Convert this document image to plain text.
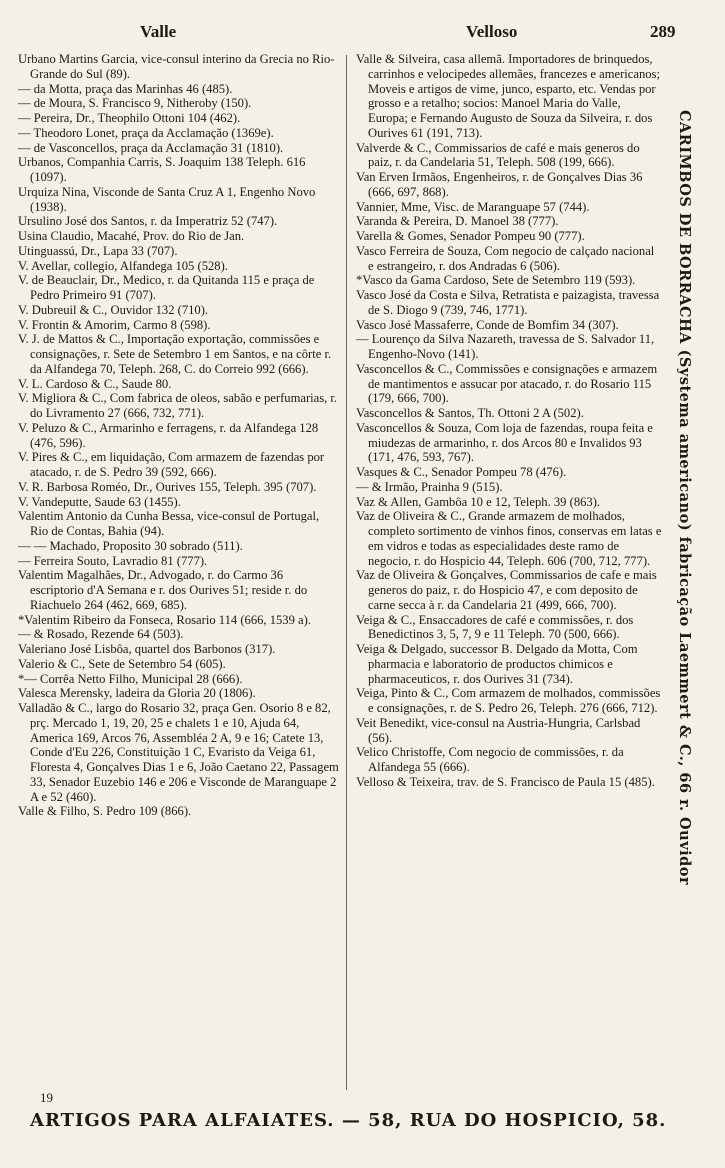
Valle	Velloso	289

Urbano Martins Garcia, vice-consul interino da Grecia no Rio-Grande do Sul (89).

— da Motta, praça das Marinhas 46 (485).

— de Moura, S. Francisco 9, Nitheroby (150).

— Pereira, Dr., Theophilo Ottoni 104 (462).

— Theodoro Lonet, praça da Acclamação (1369e).

— de Vasconcellos, praça da Acclamação 31 (1810).

Urbanos, Companhia Carris, S. Joaquim 138 Teleph. 616 (1097).

Urquiza Nina, Visconde de Santa Cruz A 1, Engenho Novo (1938).

Ursulino José dos Santos, r. da Imperatriz 52 (747).

Usina Claudio, Macahé, Prov. do Rio de Jan.

Utinguassú, Dr., Lapa 33 (707).

V. Avellar, collegio, Alfandega 105 (528).

V. de Beauclair, Dr., Medico, r. da Quitanda 115 e praça de Pedro Primeiro 91 (707).

V. Dubreuil & C., Ouvidor 132 (710).

V. Frontin & Amorim, Carmo 8 (598).

V. J. de Mattos & C., Importação exportação, commissões e consignações, r. Sete de Setembro 1 em Santos, e na côrte r. da Alfandega 70, Teleph. 268, C. do Correio 992 (666).

V. L. Cardoso & C., Saude 80.

V. Migliora & C., Com fabrica de oleos, sabão e perfumarias, r. do Livramento 27 (666, 732, 771).

V. Peluzo & C., Armarinho e ferragens, r. da Alfandega 128 (476, 596).

V. Pires & C., em liquidação, Com armazem de fazendas por atacado, r. de S. Pedro 39 (592, 666).

V. R. Barbosa Roméo, Dr., Ourives 155, Teleph. 395 (707).

V. Vandeputte, Saude 63 (1455).

Valentim Antonio da Cunha Bessa, vice-consul de Portugal, Rio de Contas, Bahia (94).

— — Machado, Proposito 30 sobrado (511).

— Ferreira Souto, Lavradio 81 (777).

Valentim Magalhães, Dr., Advogado, r. do Carmo 36 escriptorio d'A Semana e r. dos Ourives 51; reside r. do Riachuelo 264 (462, 669, 685).

*Valentim Ribeiro da Fonseca, Rosario 114 (666, 1539 a).

— & Rosado, Rezende 64 (503).

Valeriano José Lisbôa, quartel dos Barbonos (317).

Valerio & C., Sete de Setembro 54 (605).

*— Corrêa Netto Filho, Municipal 28 (666).

Valesca Merensky, ladeira da Gloria 20 (1806).

Valladão & C., largo do Rosario 32, praça Gen. Osorio 8 e 82, prç. Mercado 1, 19, 20, 25 e chalets 1 e 10, Ajuda 64, America 169, Arcos 76, Assembléa 2 A, 9 e 16; Catete 13, Conde d'Eu 226, Constituição 1 C, Evaristo da Veiga 61, Floresta 4, Gonçalves Dias 1 e 6, João Caetano 22, Passagem 33, Senador Euzebio 146 e 206 e Visconde de Maranguape 2 A e 52 (460).

Valle & Filho, S. Pedro 109 (866).

Valle & Silveira, casa allemã. Importadores de brinquedos, carrinhos e velocipedes allemães, francezes e americanos; Moveis e artigos de vime, junco, esparto, etc. Vendas por grosso e a retalho; socios: Manoel Maria do Valle, Europa; e Fernando Augusto de Souza da Silveira, r. dos Ourives 61 (191, 713).

Valverde & C., Commissarios de café e mais generos do paiz, r. da Candelaria 51, Teleph. 508 (199, 666).

Van Erven Irmãos, Engenheiros, r. de Gonçalves Dias 36 (666, 697, 868).

Vannier, Mme, Visc. de Maranguape 57 (744).

Varanda & Pereira, D. Manoel 38 (777).

Varella & Gomes, Senador Pompeu 90 (777).

Vasco Ferreira de Souza, Com negocio de calçado nacional e estrangeiro, r. dos Andradas 6 (506).

*Vasco da Gama Cardoso, Sete de Setembro 119 (593).

Vasco José da Costa e Silva, Retratista e paizagista, travessa de S. Diogo 9 (739, 746, 1771).

Vasco José Massaferre, Conde de Bomfim 34 (307).

— Lourenço da Silva Nazareth, travessa de S. Salvador 11, Engenho-Novo (141).

Vasconcellos & C., Commissões e consignações e armazem de mantimentos e assucar por atacado, r. do Rosario 115 (179, 666, 700).

Vasconcellos & Santos, Th. Ottoni 2 A (502).

Vasconcellos & Souza, Com loja de fazendas, roupa feita e miudezas de armarinho, r. dos Arcos 80 e Invalidos 93 (171, 476, 593, 767).

Vasques & C., Senador Pompeu 78 (476).

— & Irmão, Prainha 9 (515).

Vaz & Allen, Gambôa 10 e 12, Teleph. 39 (863).

Vaz de Oliveira & C., Grande armazem de molhados, completo sortimento de vinhos finos, conservas em latas e em vidros e todas as especialidades deste ramo de negocio, r. do Hospicio 44, Teleph. 606 (700, 712, 777).

Vaz de Oliveira & Gonçalves, Commissarios de cafe e mais generos do paiz, r. do Hospicio 47, e com deposito de carne secca à r. da Candelaria 21 (499, 666, 700).

Veiga & C., Ensaccadores de café e commissões, r. dos Benedictinos 3, 5, 7, 9 e 11 Teleph. 70 (500, 666).

Veiga & Delgado, successor B. Delgado da Motta, Com pharmacia e laboratorio de productos chimicos e pharmaceuticos, r. dos Ourives 31 (734).

Veiga, Pinto & C., Com armazem de molhados, commissões e consignações, r. de S. Pedro 26, Teleph. 276 (666, 712).

Veit Benedikt, vice-consul na Austria-Hungria, Carlsbad (56).

Velico Christoffe, Com negocio de commissões, r. da Alfandega 55 (666).

Velloso & Teixeira, trav. de S. Francisco de Paula 15 (485).	CARIMBOS DE BORRACHA (Systema americano) fabricação Laemmert & C., 66 r. Ouvidor
19
ARTIGOS PARA ALFAIATES. — 58, RUA DO HOSPICIO, 58.
